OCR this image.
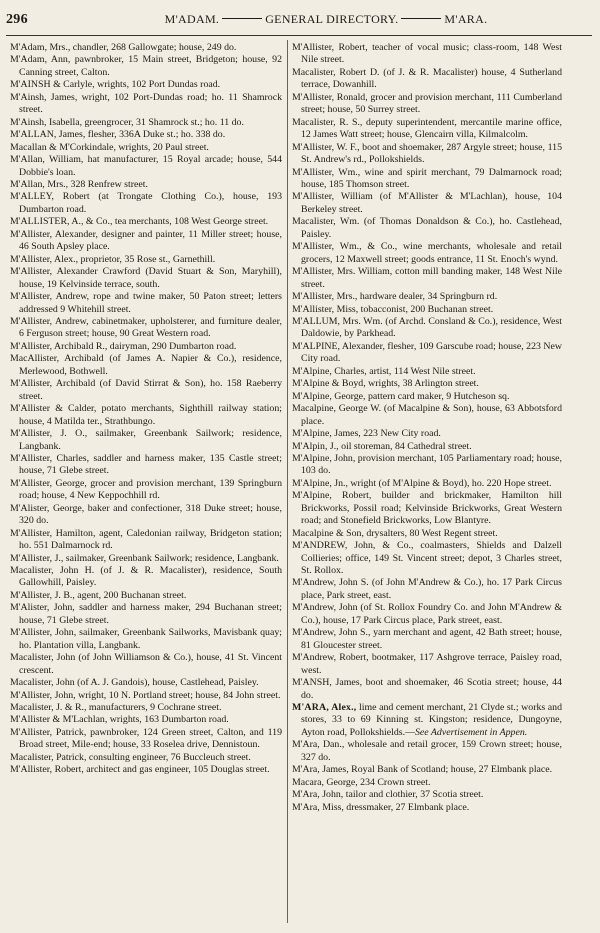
296	M'ADAM.	GENERAL DIRECTORY.	M'ARA.
M'Adam, Mrs., chandler, 268 Gallowgate; house, 249 do.
M'Adam, Ann, pawnbroker, 15 Main street, Bridgeton; house, 92 Canning street, Calton.
M'AINSH & Carlyle, wrights, 102 Port Dundas road.
M'Ainsh, James, wright, 102 Port-Dundas road; ho. 11 Shamrock street.
M'Ainsh, Isabella, greengrocer, 31 Shamrock st.; ho. 11 do.
M'ALLAN, James, flesher, 336A Duke st.; ho. 338 do.
Macallan & M'Corkindale, wrights, 20 Paul street.
M'Allan, William, hat manufacturer, 15 Royal arcade; house, 544 Dobbie's loan.
M'Allan, Mrs., 328 Renfrew street.
M'ALLEY, Robert (at Trongate Clothing Co.), house, 193 Dumbarton road.
M'ALLISTER, A., & Co., tea merchants, 108 West George street.
M'Allister, Alexander, designer and painter, 11 Miller street; house, 46 South Apsley place.
M'Allister, Alex., proprietor, 35 Rose st., Garnethill.
M'Allister, Alexander Crawford (David Stuart & Son, Maryhill), house, 19 Kelvinside terrace, south.
M'Allister, Andrew, rope and twine maker, 50 Paton street; letters addressed 9 Whitehill street.
M'Allister, Andrew, cabinetmaker, upholsterer, and furniture dealer, 6 Ferguson street; house, 90 Great Western road.
M'Allister, Archibald R., dairyman, 290 Dumbarton road.
MacAllister, Archibald (of James A. Napier & Co.), residence, Merlewood, Bothwell.
M'Allister, Archibald (of David Stirrat & Son), ho. 158 Raeberry street.
M'Allister & Calder, potato merchants, Sighthill railway station; house, 4 Matilda ter., Strathbungo.
M'Allister, J. O., sailmaker, Greenbank Sailwork; residence, Langbank.
M'Allister, Charles, saddler and harness maker, 135 Castle street; house, 71 Glebe street.
M'Allister, George, grocer and provision merchant, 139 Springburn road; house, 4 New Keppochhill rd.
M'Alister, George, baker and confectioner, 318 Duke street; house, 320 do.
M'Allister, Hamilton, agent, Caledonian railway, Bridgeton station; ho. 551 Dalmarnock rd.
M'Allister, J., sailmaker, Greenbank Sailwork; residence, Langbank.
Macalister, John H. (of J. & R. Macalister), residence, South Gallowhill, Paisley.
M'Allister, J. B., agent, 200 Buchanan street.
M'Alister, John, saddler and harness maker, 294 Buchanan street; house, 71 Glebe street.
M'Allister, John, sailmaker, Greenbank Sailworks, Mavisbank quay; ho. Plantation villa, Langbank.
Macalister, John (of John Williamson & Co.), house, 41 St. Vincent crescent.
Macalister, John (of A. J. Gandois), house, Castlehead, Paisley.
M'Allister, John, wright, 10 N. Portland street; house, 84 John street.
Macalister, J. & R., manufacturers, 9 Cochrane street.
M'Allister & M'Lachlan, wrights, 163 Dumbarton road.
M'Allister, Patrick, pawnbroker, 124 Green street, Calton, and 119 Broad street, Mile-end; house, 33 Roselea drive, Dennistoun.
Macalister, Patrick, consulting engineer, 76 Buccleuch street.
M'Allister, Robert, architect and gas engineer, 105 Douglas street.
M'Allister, Robert, teacher of vocal music; class-room, 148 West Nile street.
Macalister, Robert D. (of J. & R. Macalister) house, 4 Sutherland terrace, Dowanhill.
M'Allister, Ronald, grocer and provision merchant, 111 Cumberland street; house, 50 Surrey street.
Macalister, R. S., deputy superintendent, mercantile marine office, 12 James Watt street; house, Glencairn villa, Kilmalcolm.
M'Allister, W. F., boot and shoemaker, 287 Argyle street; house, 115 St. Andrew's rd., Pollokshields.
M'Allister, Wm., wine and spirit merchant, 79 Dalmarnock road; house, 185 Thomson street.
M'Allister, William (of M'Allister & M'Lachlan), house, 104 Berkeley street.
Macalister, Wm. (of Thomas Donaldson & Co.), ho. Castlehead, Paisley.
M'Allister, Wm., & Co., wine merchants, wholesale and retail grocers, 12 Maxwell street; goods entrance, 11 St. Enoch's wynd.
M'Allister, Mrs. William, cotton mill banding maker, 148 West Nile street.
M'Allister, Mrs., hardware dealer, 34 Springburn rd.
M'Allister, Miss, tobacconist, 200 Buchanan street.
M'ALLUM, Mrs. Wm. (of Archd. Consland & Co.), residence, West Daldowie, by Parkhead.
M'ALPINE, Alexander, flesher, 109 Garscube road; house, 223 New City road.
M'Alpine, Charles, artist, 114 West Nile street.
M'Alpine & Boyd, wrights, 38 Arlington street.
M'Alpine, George, pattern card maker, 9 Hutcheson sq.
Macalpine, George W. (of Macalpine & Son), house, 63 Abbotsford place.
M'Alpine, James, 223 New City road.
M'Alpin, J., oil storeman, 84 Cathedral street.
M'Alpine, John, provision merchant, 105 Parliamentary road; house, 103 do.
M'Alpine, Jn., wright (of M'Alpine & Boyd), ho. 220 Hope street.
M'Alpine, Robert, builder and brickmaker, Hamilton hill Brickworks, Possil road; Kelvinside Brickworks, Great Western road; and Stonefield Brickworks, Low Blantyre.
Macalpine & Son, drysalters, 80 West Regent street.
M'ANDREW, John, & Co., coalmasters, Shields and Dalzell Collieries; office, 149 St. Vincent street; depot, 3 Charles street, St. Rollox.
M'Andrew, John S. (of John M'Andrew & Co.), ho. 17 Park Circus place, Park street, east.
M'Andrew, John (of St. Rollox Foundry Co. and John M'Andrew & Co.), house, 17 Park Circus place, Park street, east.
M'Andrew, John S., yarn merchant and agent, 42 Bath street; house, 81 Gloucester street.
M'Andrew, Robert, bootmaker, 117 Ashgrove terrace, Paisley road, west.
M'ANSH, James, boot and shoemaker, 46 Scotia street; house, 44 do.
M'ARA, Alex., lime and cement merchant, 21 Clyde st.; works and stores, 33 to 69 Kinning st. Kingston; residence, Dungoyne, Ayton road, Pollokshields.—See Advertisement in Appen.
M'Ara, Dan., wholesale and retail grocer, 159 Crown street; house, 327 do.
M'Ara, James, Royal Bank of Scotland; house, 27 Elmbank place.
Macara, George, 234 Crown street.
M'Ara, John, tailor and clothier, 37 Scotia street.
M'Ara, Miss, dressmaker, 27 Elmbank place.
